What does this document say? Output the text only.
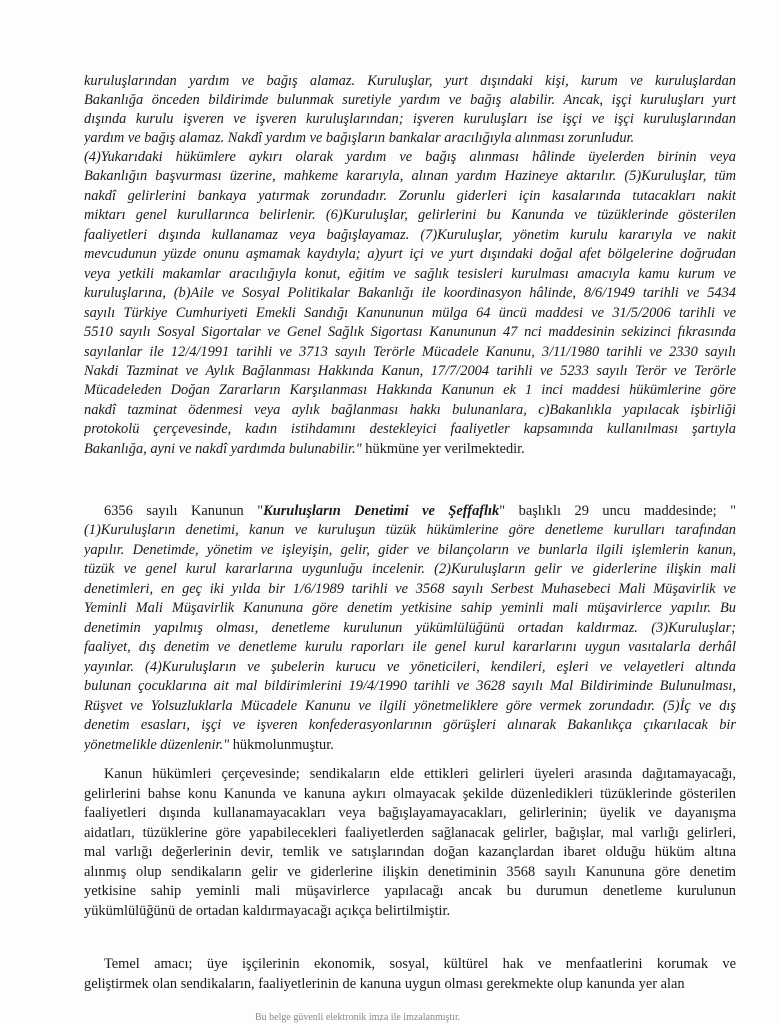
kuruluşlarından yardım ve bağış alamaz. Kuruluşlar, yurt dışındaki kişi, kurum ve kuruluşlardan
Bakanlığa önceden bildirimde bulunmak suretiyle yardım ve bağış alabilir. Ancak, işçi kuruluşları yurt
dışında kurulu işveren ve işveren kuruluşlarından; işveren kuruluşları ise işçi ve işçi kuruluşlarından
yardım ve bağış alamaz. Nakdî yardım ve bağışların bankalar aracılığıyla alınması zorunludur.
(4)Yukarıdaki hükümlere aykırı olarak yardım ve bağış alınması hâlinde üyelerden birinin veya
Bakanlığın başvurması üzerine, mahkeme kararıyla, alınan yardım Hazineye aktarılır. (5)Kuruluşlar, tüm
nakdî gelirlerini bankaya yatırmak zorundadır. Zorunlu giderleri için kasalarında tutacakları nakit
miktarı genel kurullarınca belirlenir. (6)Kuruluşlar, gelirlerini bu Kanunda ve tüzüklerinde gösterilen
faaliyetleri dışında kullanamaz veya bağışlayamaz. (7)Kuruluşlar, yönetim kurulu kararıyla ve nakit
mevcudunun yüzde onunu aşmamak kaydıyla; a)yurt içi ve yurt dışındaki doğal afet bölgelerine doğrudan
veya yetkili makamlar aracılığıyla konut, eğitim ve sağlık tesisleri kurulması amacıyla kamu kurum ve
kuruluşlarına, (b)Aile ve Sosyal Politikalar Bakanlığı ile koordinasyon hâlinde, 8/6/1949 tarihli ve 5434
sayılı Türkiye Cumhuriyeti Emekli Sandığı Kanununun mülga 64 üncü maddesi ve 31/5/2006 tarihli ve
5510 sayılı Sosyal Sigortalar ve Genel Sağlık Sigortası Kanununun 47 nci maddesinin sekizinci fıkrasında
sayılanlar ile 12/4/1991 tarihli ve 3713 sayılı Terörle Mücadele Kanunu, 3/11/1980 tarihli ve 2330 sayılı
Nakdi Tazminat ve Aylık Bağlanması Hakkında Kanun, 17/7/2004 tarihli ve 5233 sayılı Terör ve Terörle
Mücadeleden Doğan Zararların Karşılanması Hakkında Kanunun ek 1 inci maddesi hükümlerine göre
nakdî tazminat ödenmesi veya aylık bağlanması hakkı bulunanlara, c)Bakanlıkla yapılacak işbirliği
protokolü çerçevesinde, kadın istihdamını destekleyici faaliyetler kapsamında kullanılması şartıyla
Bakanlığa, ayni ve nakdî yardımda bulunabilir." hükmüne yer verilmektedir.
6356 sayılı Kanunun "Kuruluşların Denetimi ve Şeffaflık" başlıklı 29 uncu maddesinde; "
(1)Kuruluşların denetimi, kanun ve kuruluşun tüzük hükümlerine göre denetleme kurulları tarafından
yapılır. Denetimde, yönetim ve işleyişin, gelir, gider ve bilançoların ve bunlarla ilgili işlemlerin kanun,
tüzük ve genel kurul kararlarına uygunluğu incelenir. (2)Kuruluşların gelir ve giderlerine ilişkin mali
denetimleri, en geç iki yılda bir 1/6/1989 tarihli ve 3568 sayılı Serbest Muhasebeci Mali Müşavirlik ve
Yeminli Mali Müşavirlik Kanununa göre denetim yetkisine sahip yeminli mali müşavirlerce yapılır. Bu
denetimin yapılmış olması, denetleme kurulunun yükümlülüğünü ortadan kaldırmaz. (3)Kuruluşlar;
faaliyet, dış denetim ve denetleme kurulu raporları ile genel kurul kararlarını uygun vasıtalarla derhâl
yayınlar. (4)Kuruluşların ve şubelerin kurucu ve yöneticileri, kendileri, eşleri ve velayetleri altında
bulunan çocuklarına ait mal bildirimlerini 19/4/1990 tarihli ve 3628 sayılı Mal Bildiriminde Bulunulması,
Rüşvet ve Yolsuzluklarla Mücadele Kanunu ve ilgili yönetmeliklere göre vermek zorundadır. (5)İç ve dış
denetim esasları, işçi ve işveren konfederasyonlarının görüşleri alınarak Bakanlıkça çıkarılacak bir
yönetmelikle düzenlenir." hükmolunmuştur.
Kanun hükümleri çerçevesinde; sendikaların elde ettikleri gelirleri üyeleri arasında dağıtamayacağı,
gelirlerini bahse konu Kanunda ve kanuna aykırı olmayacak şekilde düzenledikleri tüzüklerinde gösterilen
faaliyetleri dışında kullanamayacakları veya bağışlayamayacakları, gelirlerinin; üyelik ve dayanışma
aidatları, tüzüklerine göre yapabilecekleri faaliyetlerden sağlanacak gelirler, bağışlar, mal varlığı gelirleri,
mal varlığı değerlerinin devir, temlik ve satışlarından doğan kazançlardan ibaret olduğu hüküm altına
alınmış olup sendikaların gelir ve giderlerine ilişkin denetiminin 3568 sayılı Kanununa göre denetim
yetkisine sahip yeminli mali müşavirlerce yapılacağı ancak bu durumun denetleme kurulunun
yükümlülüğünü de ortadan kaldırmayacağı açıkça belirtilmiştir.
Temel amacı; üye işçilerinin ekonomik, sosyal, kültürel hak ve menfaatlerini korumak ve
geliştirmek olan sendikaların, faaliyetlerinin de kanuna uygun olması gerekmekte olup kanunda yer alan
Bu belge güvenli elektronik imza ile imzalanmıştır.
